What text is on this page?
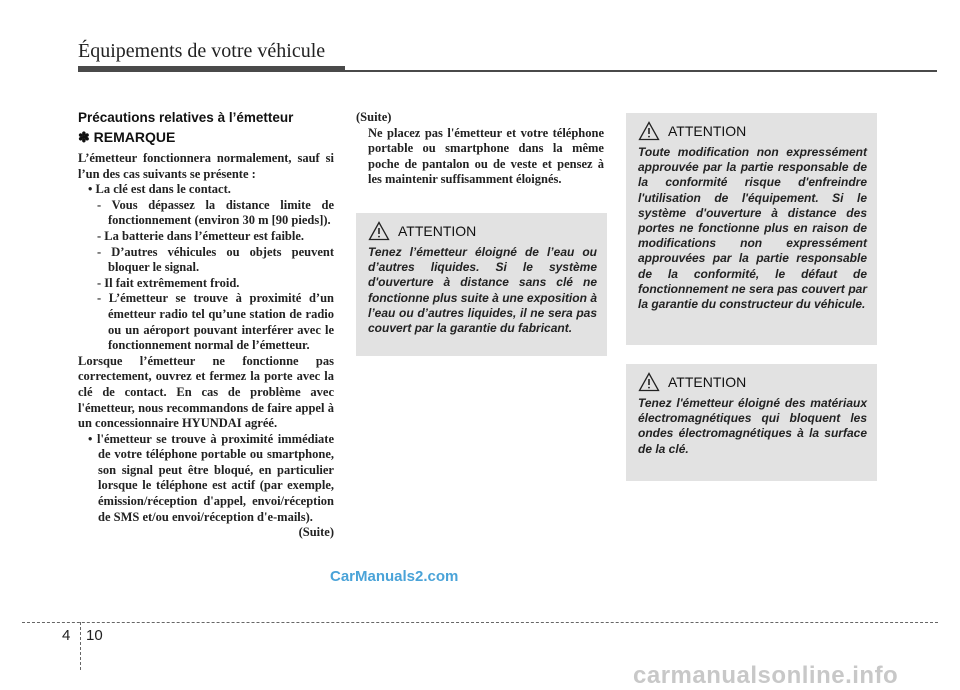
Équipements de votre véhicule
Précautions relatives à l’émetteur
✽ REMARQUE

L’émetteur fonctionnera normalement, sauf si l’un des cas suivants se présente :

• La clé est dans le contact.

- Vous dépassez la distance limite de fonctionnement (environ 30 m [90 pieds]).

- La batterie dans l’émetteur est faible.

- D’autres véhicules ou objets peuvent bloquer le signal.

- Il fait extrêmement froid.

- L’émetteur se trouve à proximité d’un émetteur radio tel qu’une station de radio ou un aéroport pouvant interférer avec le fonctionnement normal de l’émetteur.

Lorsque l’émetteur ne fonctionne pas correctement, ouvrez et fermez la porte avec la clé de contact. En cas de problème avec l'émetteur, nous recommandons de faire appel à un concessionnaire HYUNDAI agréé.

• l'émetteur se trouve à proximité immédiate de votre téléphone portable ou smartphone, son signal peut être bloqué, en particulier lorsque le téléphone est actif (par exemple, émission/réception d'appel, envoi/réception de SMS et/ou envoi/réception d'e-mails).

(Suite)

(Suite)

Ne placez pas l'émetteur et votre téléphone portable ou smartphone dans la même poche de pantalon ou de veste et pensez à les maintenir suffisamment éloignés.

ATTENTION
Tenez l’émetteur éloigné de l’eau ou d’autres liquides. Si le système d'ouverture à distance sans clé ne fonctionne plus suite à une exposition à l’eau ou d’autres liquides, il ne sera pas couvert par la garantie du fabricant.
ATTENTION
Toute modification non expressément approuvée par la partie responsable de la conformité risque d'enfreindre l'utilisation de l'équipement. Si le système d'ouverture à distance des portes ne fonctionne plus en raison de modifications non expressément approuvées par la partie responsable de la conformité, le défaut de fonctionnement ne sera pas couvert par la garantie du constructeur du véhicule.
ATTENTION
Tenez l'émetteur éloigné des matériaux électromagnétiques qui bloquent les ondes électromagnétiques à la surface de la clé.
CarManuals2.com
4 10
carmanualsonline.info
